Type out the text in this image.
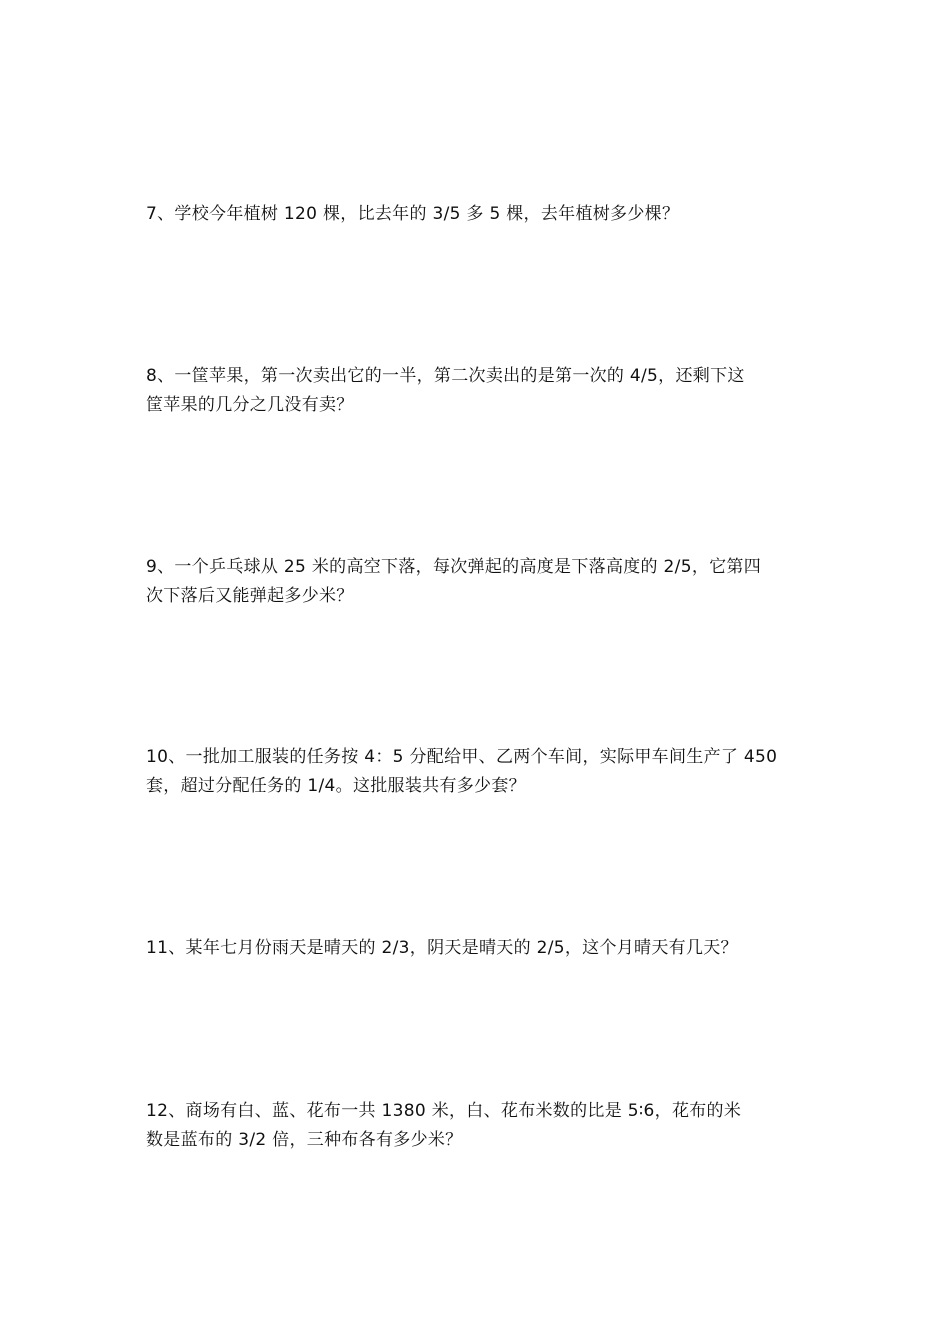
7、学校今年植树 120 棵，比去年的 3/5 多 5 棵，去年植树多少棵？

8、一筐苹果，第一次卖出它的一半，第二次卖出的是第一次的 4/5，还剩下这
筐苹果的几分之几没有卖？

9、一个乒乓球从 25 米的高空下落，每次弹起的高度是下落高度的 2/5，它第四
次下落后又能弹起多少米？

10、一批加工服装的任务按 4：5 分配给甲、乙两个车间，实际甲车间生产了 450
套，超过分配任务的 1/4。这批服装共有多少套？

11、某年七月份雨天是晴天的 2/3，阴天是晴天的 2/5，这个月晴天有几天？

12、商场有白、蓝、花布一共 1380 米，白、花布米数的比是 5∶6，花布的米
数是蓝布的 3/2 倍，三种布各有多少米？
